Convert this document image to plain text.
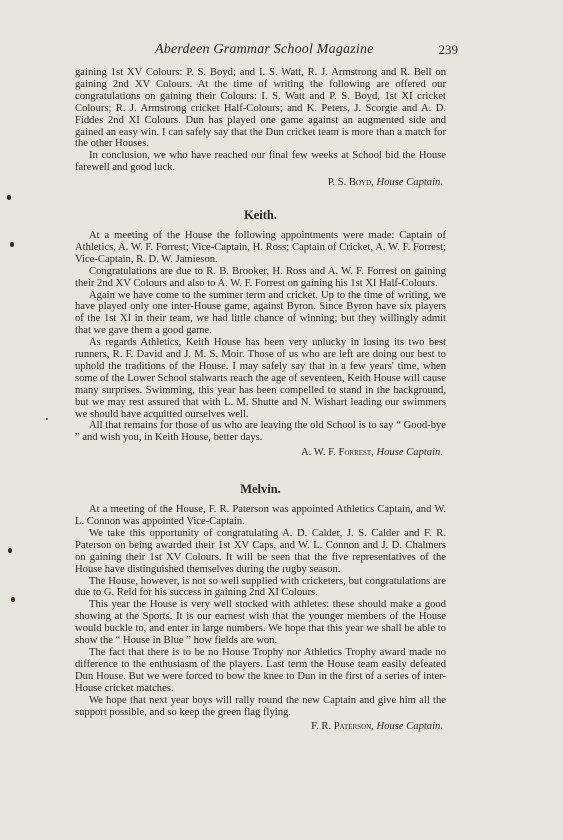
Aberdeen Grammar School Magazine	239

gaining 1st XV Colours: P. S. Boyd; and I. S. Watt, R. J. Armstrong and R. Bell on gaining 2nd XV Colours. At the time of writing the following are offered our congratulations on gaining their Colours: I. S. Watt and P. S. Boyd, 1st XI cricket Colours; R. J. Armstrong cricket Half-Colours; and K. Peters, J. Scorgie and A. D. Fiddes 2nd XI Colours. Dun has played one game against an augmented side and gained an easy win. I can safely say that the Dun cricket team is more than a match for the other Houses.

In conclusion, we who have reached our final few weeks at School bid the House farewell and good luck.

P. S. Boyd, House Captain.

Keith.

At a meeting of the House the following appointments were made: Captain of Athletics, A. W. F. Forrest; Vice-Captain, H. Ross; Captain of Cricket, A. W. F. Forrest; Vice-Captain, R. D. W. Jamieson.

Congratulations are due to R. B. Brooker, H. Ross and A. W. F. Forrest on gaining their 2nd XV Colours and also to A. W. F. Forrest on gaining his 1st XI Half-Colours.

Again we have come to the summer term and cricket. Up to the time of writing, we have played only one inter-House game, against Byron. Since Byron have six players of the 1st XI in their team, we had little chance of winning; but they willingly admit that we gave them a good game.

As regards Athletics, Keith House has been very unlucky in losing its two best runners, R. F. David and J. M. S. Moir. Those of us who are left are doing our best to uphold the traditions of the House. I may safely say that in a few years' time, when some of the Lower School stalwarts reach the age of seventeen, Keith House will cause many surprises. Swimming, this year has been compelled to stand in the background, but we may rest assured that with L. M. Shutte and N. Wishart leading our swimmers we should have acquitted ourselves well.

All that remains for those of us who are leaving the old School is to say “ Good-bye ” and wish you, in Keith House, better days.

A. W. F. Forrest, House Captain.

Melvin.

At a meeting of the House, F. R. Paterson was appointed Athletics Captain, and W. L. Connon was appointed Vice-Captain.

We take this opportunity of congratulating A. D. Calder, J. S. Calder and F. R. Paterson on being awarded their 1st XV Caps, and W. L. Connon and J. D. Chalmers on gaining their 1st XV Colours. It will be seen that the five representatives of the House have distinguished themselves during the rugby season.

The House, however, is not so well supplied with cricketers, but congratulations are due to G. Reid for his success in gaining 2nd XI Colours.

This year the House is very well stocked with athletes: these should make a good showing at the Sports. It is our earnest wish that the younger members of the House would buckle to, and enter in large numbers. We hope that this year we shall be able to show the “ House in Blue ” how fields are won.

The fact that there is to be no House Trophy nor Athletics Trophy award made no difference to the enthusiasm of the players. Last term the House team easily defeated Dun House. But we were forced to bow the knee to Dun in the first of a series of inter-House cricket matches.

We hope that next year boys will rally round the new Captain and give him all the support possible, and so keep the green flag flying.

F. R. Paterson, House Captain.
